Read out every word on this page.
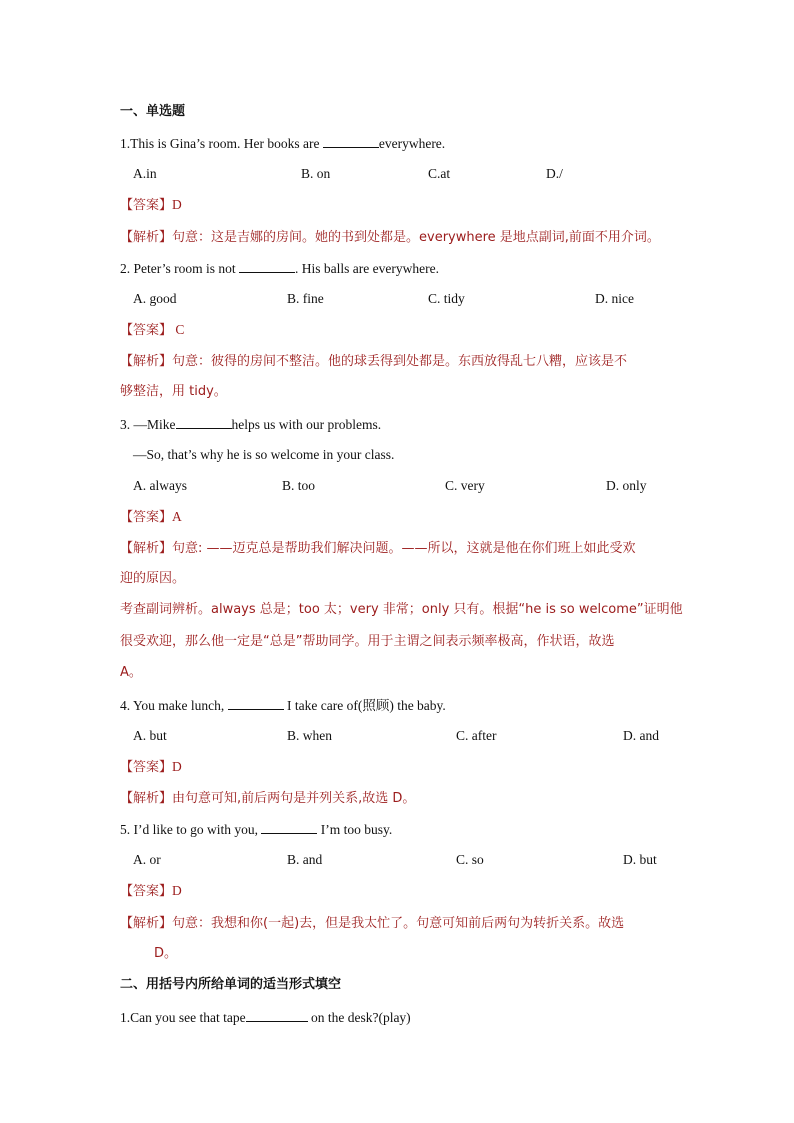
一、单选题
1.This is Gina’s room. Her books are	everywhere.
A.in	B. on	C.at	D./
【答案】D
【解析】句意：这是吉娜的房间。她的书到处都是。everywhere 是地点副词,前面不用介词。
2. Peter’s room is not	. His balls are everywhere.
A. good	B. fine	C. tidy	D. nice
【答案】 C
【解析】句意：彼得的房间不整洁。他的球丢得到处都是。东西放得乱七八糟，应该是不
够整洁，用 tidy。
3. —Mike	helps us with our problems.
—So, that’s why he is so welcome in your class.
A. always	B. too	C. very	D. only
【答案】A
【解析】句意: ——迈克总是帮助我们解决问题。——所以，这就是他在你们班上如此受欢
迎的原因。
考查副词辨析。always 总是；too 太；very 非常；only 只有。根据“he is so welcome”证明他
很受欢迎，那么他一定是“总是”帮助同学。用于主谓之间表示频率极高，作状语，故选
A。
4. You make lunch,	I take care of(照顾) the baby.
A. but	B. when	C. after	D. and
【答案】D
【解析】由句意可知,前后两句是并列关系,故选 D。
5. I’d like to go with you,	I’m too busy.
A. or	B. and	C. so	D. but
【答案】D
【解析】句意：我想和你(一起)去，但是我太忙了。句意可知前后两句为转折关系。故选
D。
二、用括号内所给单词的适当形式填空
1.Can you see that tape	on the desk?(play)
